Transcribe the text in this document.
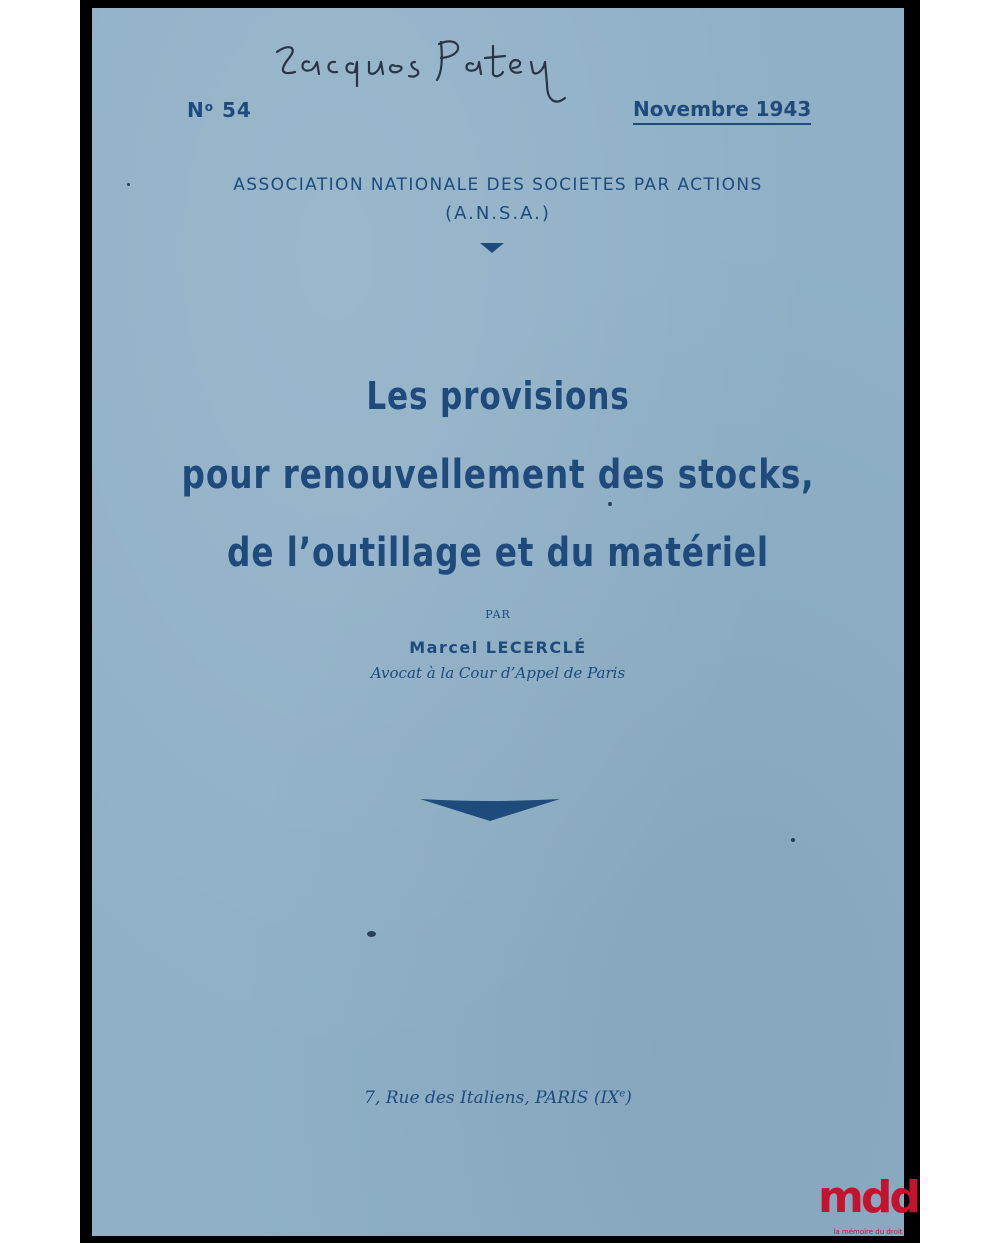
$N^o$ 54	Novembre 1943
ASSOCIATION NATIONALE DES SOCIETES PAR ACTIONS
(A.N.S.A.)
Les provisions
pour renouvellement des stocks,
de l’outillage et du matériel
PAR
Marcel LECERCLÉ
Avocat à la Cour d’Appel de Paris
7, Rue des Italiens, PARIS (IXe)
mdd
la mémoire du droit
